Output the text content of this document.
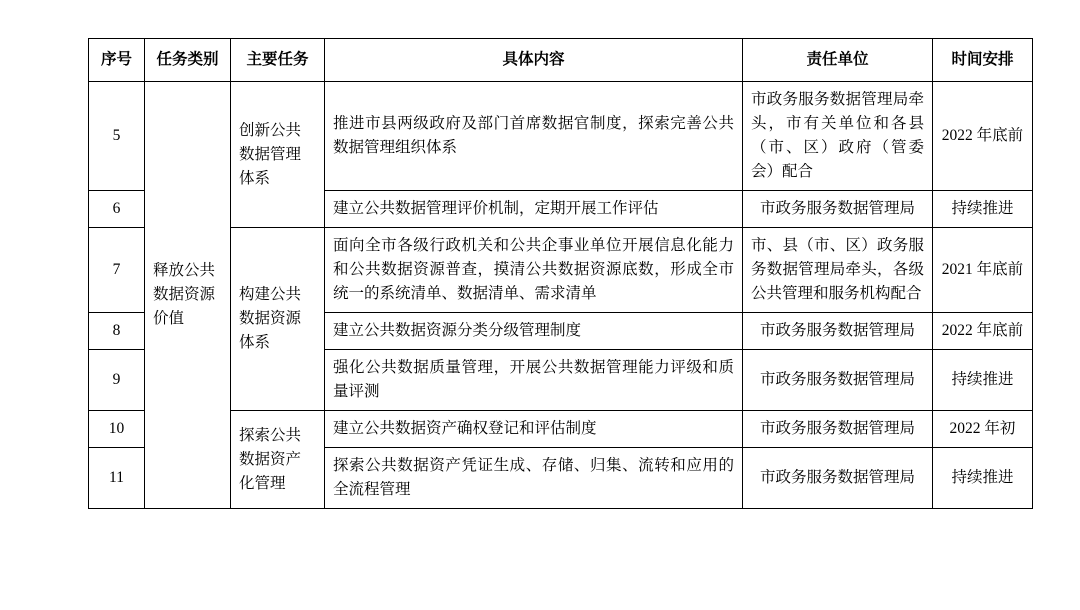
序号	任务类别	主要任务	具体内容	责任单位	时间安排
5	释放公共数据资源价值	创新公共数据管理体系	推进市县两级政府及部门首席数据官制度，探索完善公共数据管理组织体系	市政务服务数据管理局牵头，市有关单位和各县（市、区）政府（管委会）配合	2022 年底前
6			建立公共数据管理评价机制，定期开展工作评估	市政务服务数据管理局	持续推进
7		构建公共数据资源体系	面向全市各级行政机关和公共企事业单位开展信息化能力和公共数据资源普查，摸清公共数据资源底数，形成全市统一的系统清单、数据清单、需求清单	市、县（市、区）政务服务数据管理局牵头，各级公共管理和服务机构配合	2021 年底前
8			建立公共数据资源分类分级管理制度	市政务服务数据管理局	2022 年底前
9			强化公共数据质量管理，开展公共数据管理能力评级和质量评测	市政务服务数据管理局	持续推进
10		探索公共数据资产化管理	建立公共数据资产确权登记和评估制度	市政务服务数据管理局	2022 年初
11			探索公共数据资产凭证生成、存储、归集、流转和应用的全流程管理	市政务服务数据管理局	持续推进
